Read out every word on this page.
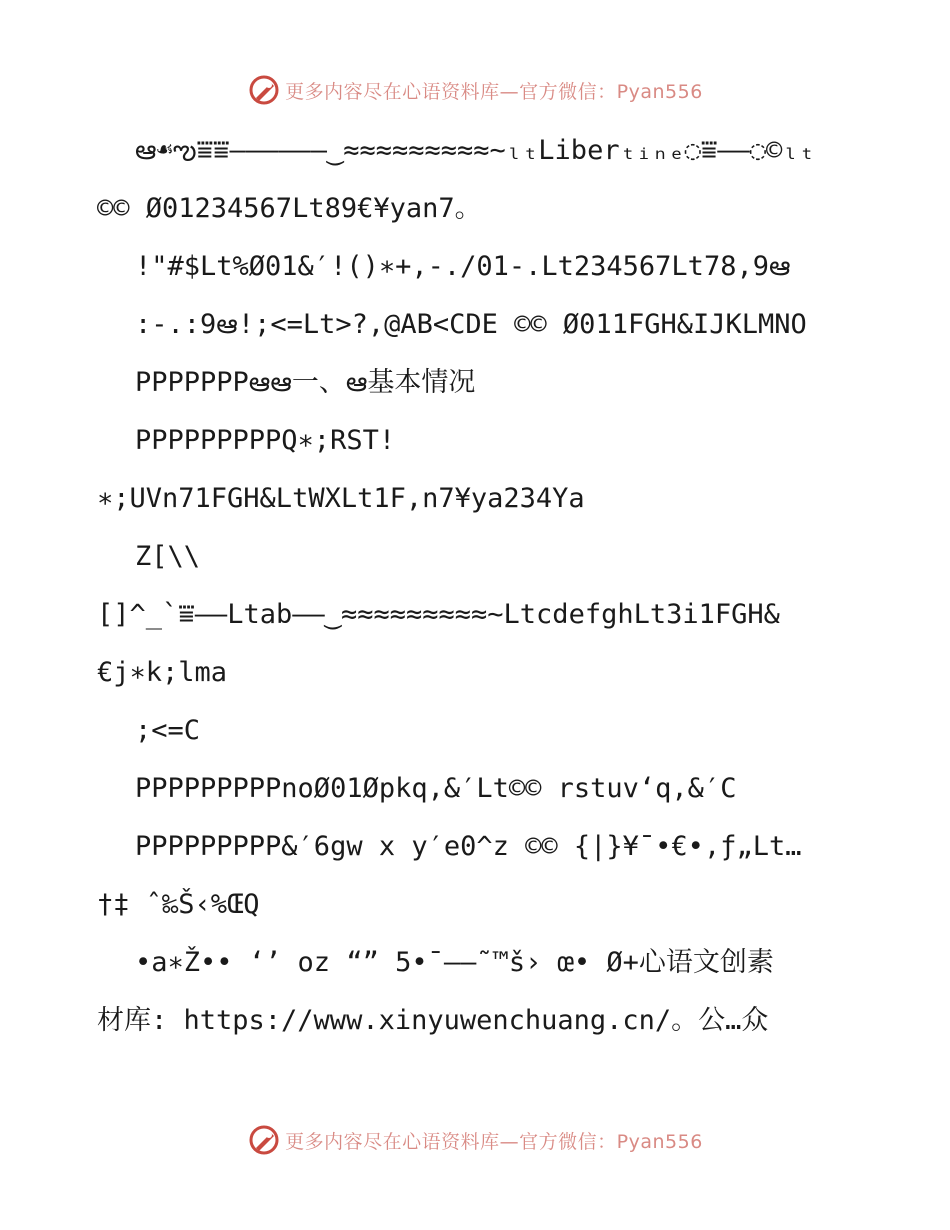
更多内容尽在心语资料库—官方微信：Pyan556
ఆ☙ఌ⩸⩸——————‿≈≈≈≈≈≈≈≈≈~ₗₜLiberₜᵢₙₑ◌⩸——◌©ₗₜ
©© Ø01234567Lt89€¥yan7。
!"#$Lt%Ø01&′!()∗+,-./01-.Lt234567Lt78,9ఆ
:-.:9ఆ!;<=Lt>?,@AB<CDE ©© Ø011FGH&IJKLMNO
PPPPPPPఆఆ一、ఆ基本情况
PPPPPPPPPQ∗;RST!
∗;UVn71FGH&LtWXLt1F,n7¥ya234Ya
Z[\\
[]^_`⩸——Ltab——‿≈≈≈≈≈≈≈≈≈~LtcdefghLt3i1FGH&
€j∗k;lma
;<=C
PPPPPPPPPnoØ01Øpkq,&′Lt©© rstuv‘q,&′C
PPPPPPPPP&′6gw x y′e0^z ©© {|}¥¯•€•,ƒ„Lt…
†‡ ˆ‰Š‹%ŒQ
•a∗Ž•• ‘’ oz “” 5•¯–—˜™š› œ• Ø+心语文创素
材库: https://www.xinyuwenchuang.cn/。公…众
更多内容尽在心语资料库—官方微信：Pyan556
